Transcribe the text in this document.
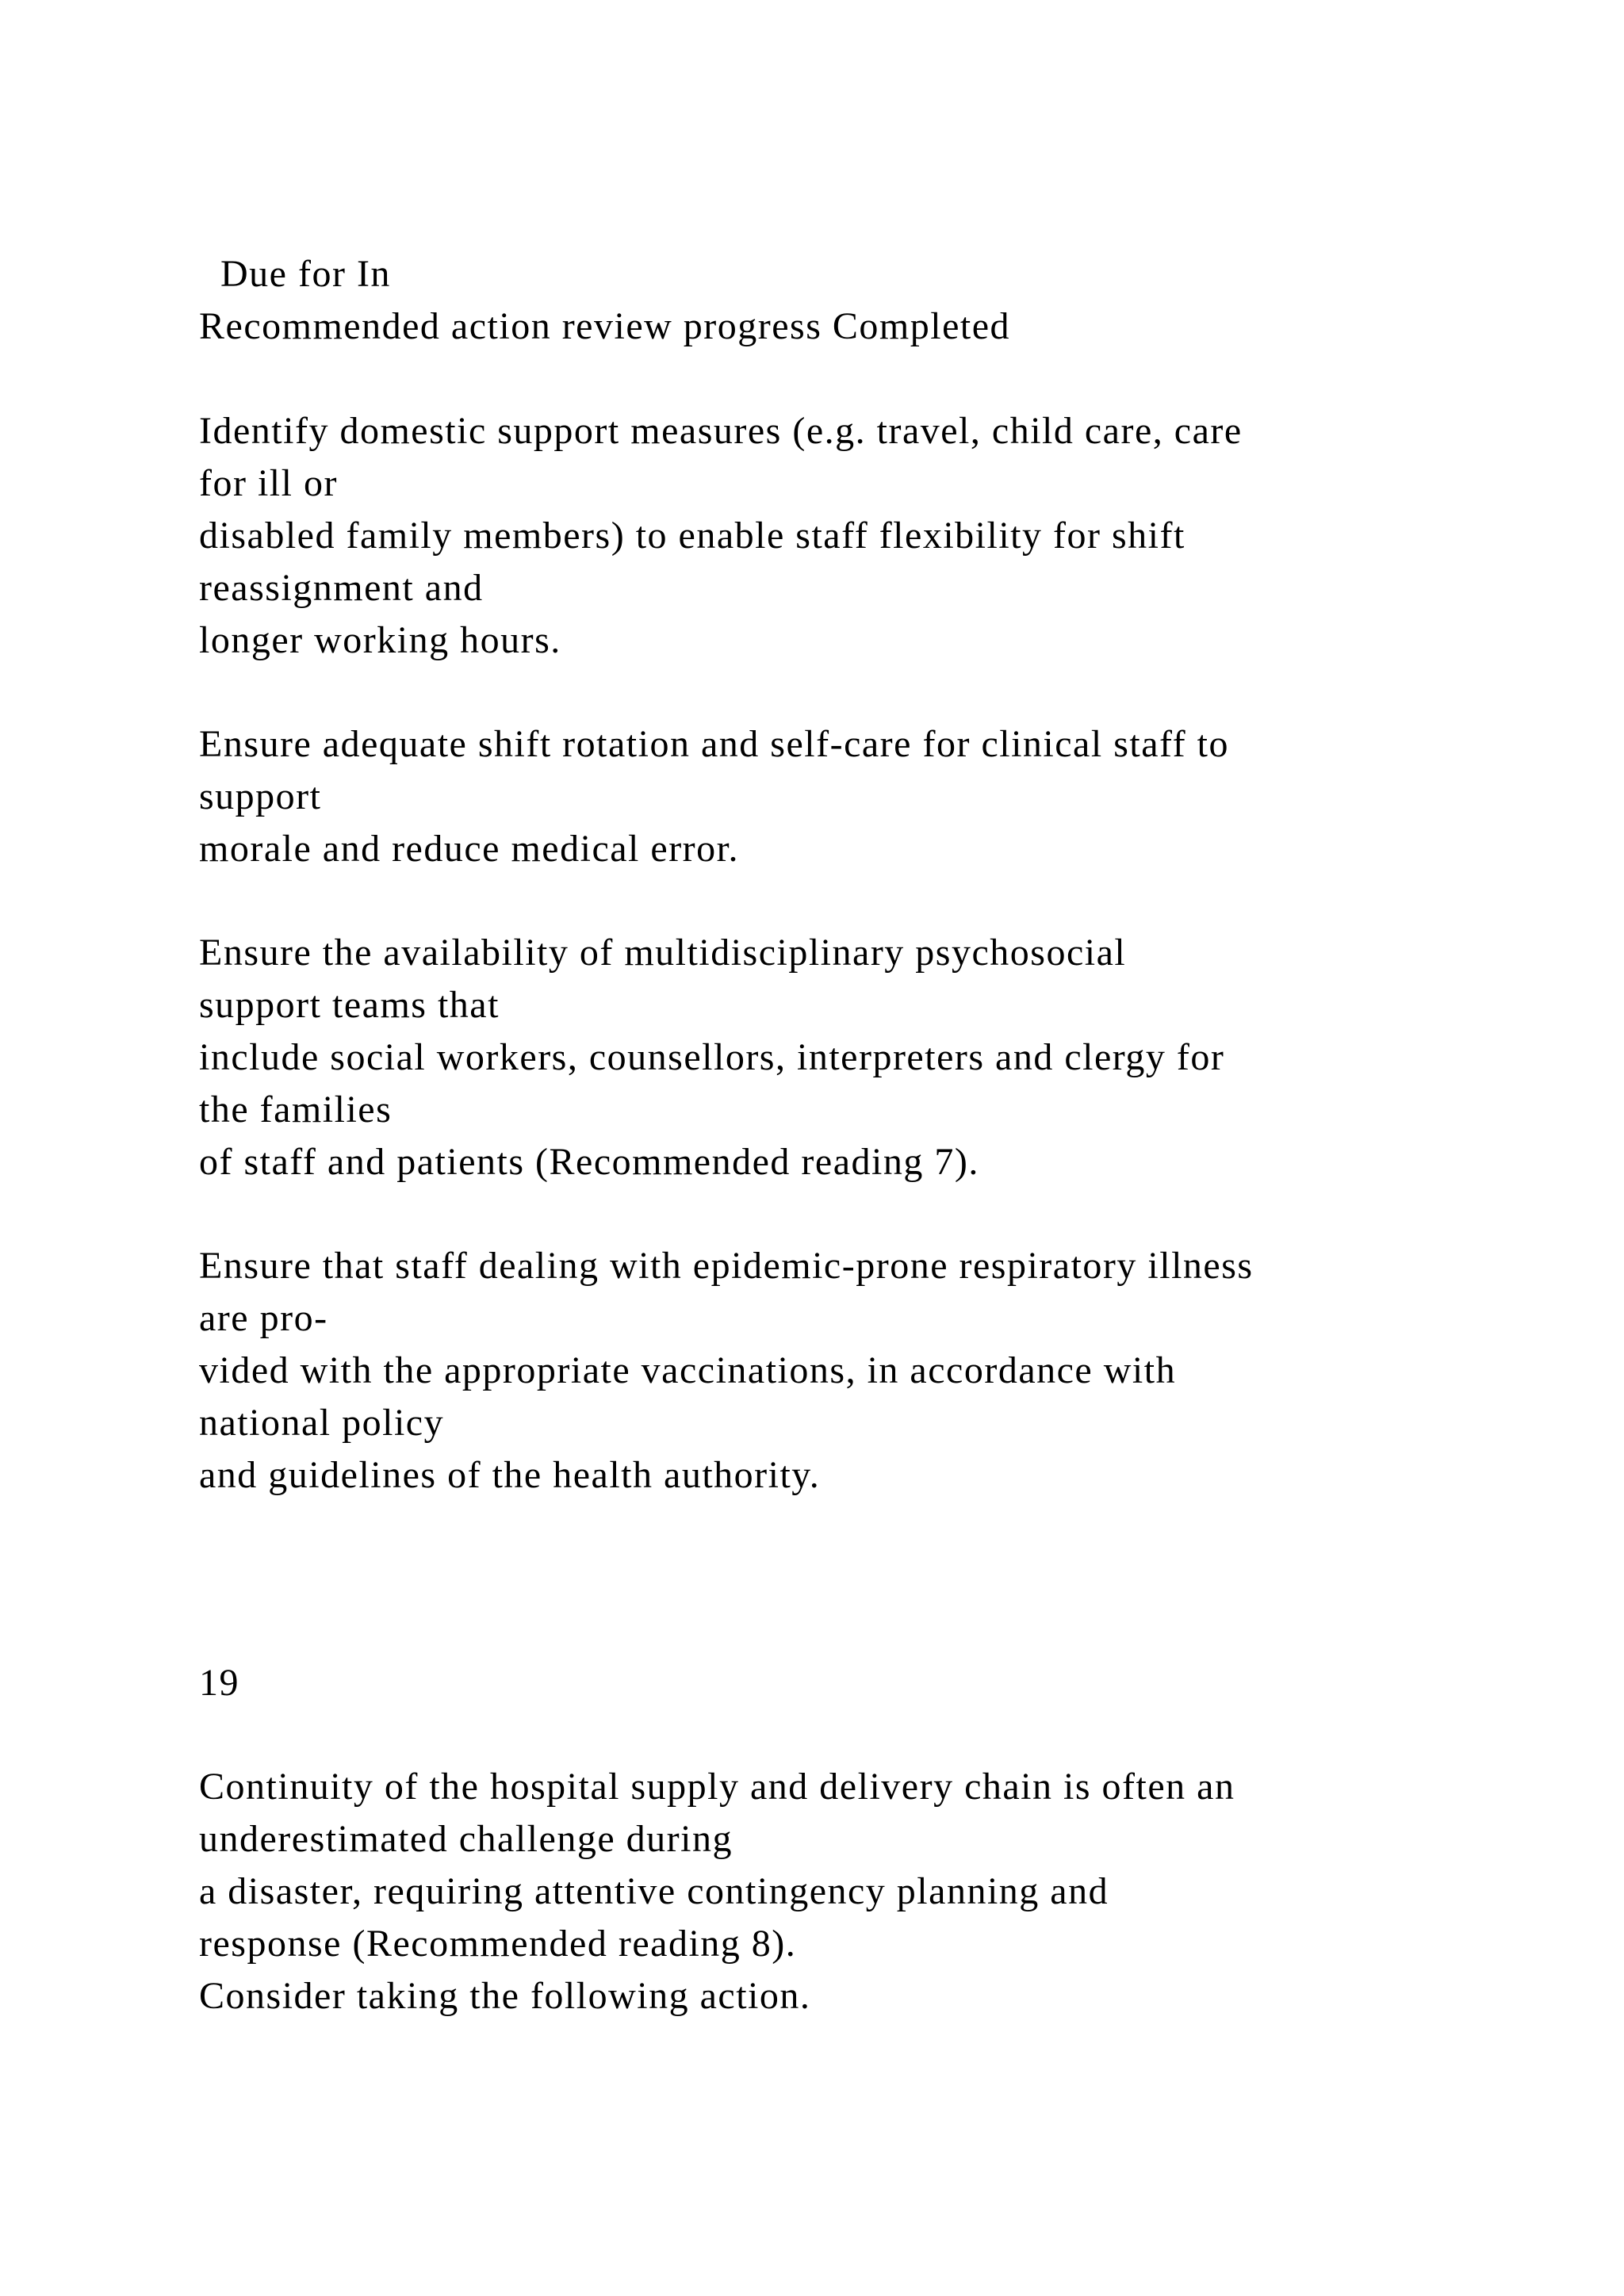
Due for In
Recommended action review progress Completed
Identify domestic support measures (e.g. travel, child care, care
for ill or
disabled family members) to enable staff flexibility for shift
reassignment and
longer working hours.
Ensure adequate shift rotation and self-care for clinical staff to
support
morale and reduce medical error.
Ensure the availability of multidisciplinary psychosocial
support teams that
include social workers, counsellors, interpreters and clergy for
the families
of staff and patients (Recommended reading 7).
Ensure that staff dealing with epidemic-prone respiratory illness
are pro-
vided with the appropriate vaccinations, in accordance with
national policy
and guidelines of the health authority.
19
Continuity of the hospital supply and delivery chain is often an
underestimated challenge during
a disaster, requiring attentive contingency planning and
response (Recommended reading 8).
Consider taking the following action.
